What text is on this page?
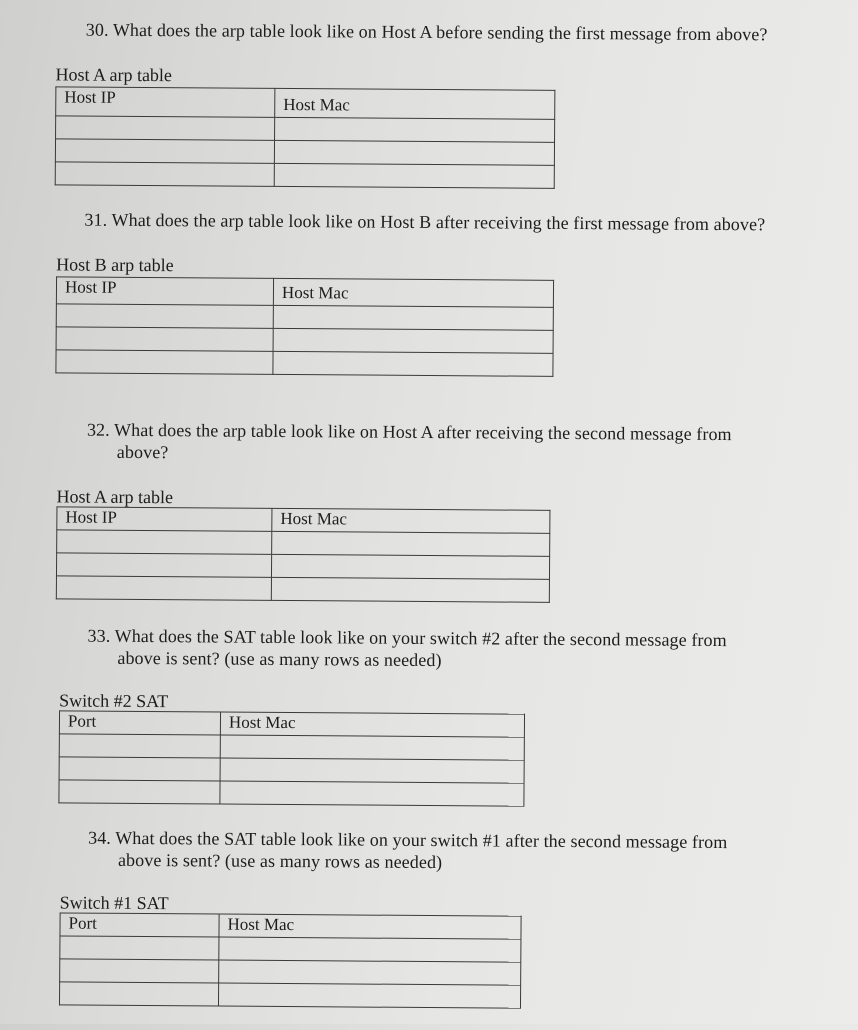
30. What does the arp table look like on Host A before sending the first message from above?
Host A arp table
Host IP	Host Mac

31. What does the arp table look like on Host B after receiving the first message from above?
Host B arp table
Host IP	Host Mac

32. What does the arp table look like on Host A after receiving the second message from
above?
Host A arp table
Host IP	Host Mac

33. What does the SAT table look like on your switch #2 after the second message from
above is sent? (use as many rows as needed)
Switch #2 SAT
Port	Host Mac

34. What does the SAT table look like on your switch #1 after the second message from
above is sent? (use as many rows as needed)
Switch #1 SAT
Port	Host Mac
